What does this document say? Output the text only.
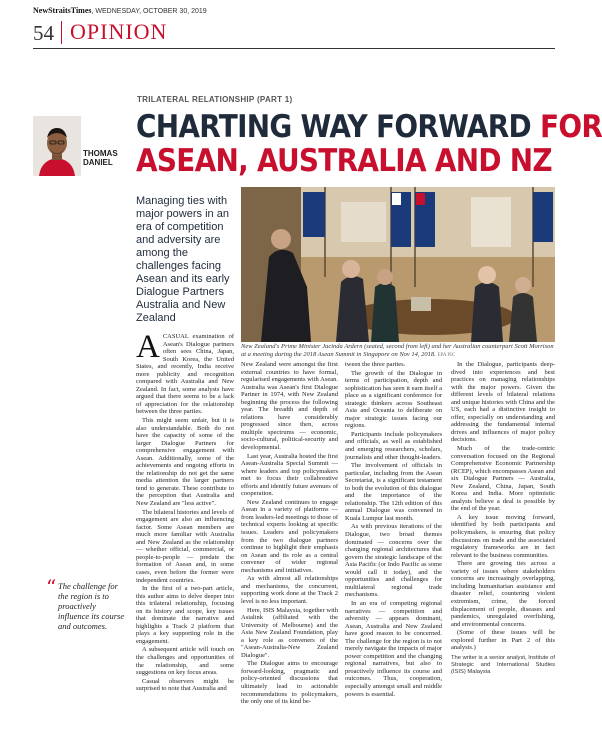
NewStraitsTimes, WEDNESDAY, OCTOBER 30, 2019
54 OPINION
THOMAS
DANIEL
TRILATERAL RELATIONSHIP (PART 1)
CHARTING WAY FORWARD FOR
ASEAN, AUSTRALIA AND NZ
Managing ties with major powers in an era of competition and adversity are among the challenges facing Asean and its early Dialogue Partners Australia and New Zealand
New Zealand's Prime Minister Jacinda Ardern (seated, second from left) and her Australian counterpart Scott Morrison at a meeting during the 2018 Asean Summit in Singapore on Nov 14, 2018. EPA PIC

ACASUAL examination of Asean's Dialogue partners often sees China, Japan, South Korea, the United States, and recently, India receive more publicity and recognition compared with Australia and New Zealand. In fact, some analysts have argued that there seems to be a lack of appreciation for the relationship between the three parties.

This might seem unfair, but it is also understandable. Both do not have the capacity of some of the larger Dialogue Partners for comprehensive engagement with Asean. Additionally, some of the achievements and ongoing efforts in the relationship do not get the same media attention the larger partners tend to generate. These contribute to the perception that Australia and New Zealand are "less active".

The bilateral histories and levels of engagement are also an influencing factor. Some Asean members are much more familiar with Australia and New Zealand as the relationship — whether official, commercial, or people-to-people — predate the formation of Asean and, in some cases, even before the former were independent countries.

In the first of a two-part article, this author aims to delve deeper into this trilateral relationship, focusing on its history and scope, key issues that dominate the narrative and highlights a Track 2 platform that plays a key supporting role in the engagement.

A subsequent article will touch on the challenges and opportunities of the relationship, and some suggestions on key focus areas.

Casual observers might be surprised to note that Australia and

New Zealand were amongst the first external countries to have formal, regularised engagements with Asean. Australia was Asean's first Dialogue Partner in 1974, with New Zealand beginning the process the following year. The breadth and depth of relations have considerably progressed since then, across multiple spectrums — economic, socio-cultural, political-security and developmental.

Last year, Australia hosted the first Asean-Australia Special Summit — where leaders and top policymakers met to focus their collaborative efforts and identify future avenues of cooperation.

New Zealand continues to engage Asean in a variety of platforms — from leaders-led meetings to those of technical experts looking at specific issues. Leaders and policymakers from the two dialogue partners continue to highlight their emphasis on Asean and its role as a central convener of wider regional mechanisms and initiatives.

As with almost all relationships and mechanisms, the concurrent, supporting work done at the Track 2 level is no less important.

Here, ISIS Malaysia, together with Asialink (affiliated with the University of Melbourne) and the Asia New Zealand Foundation, play a key role as conveners of the "Asean-Australia-New Zealand Dialogue".

The Dialogue aims to encourage forward-looking, pragmatic and policy-oriented discussions that ultimately lead to actionable recommendations to policymakers, the only one of its kind be-

tween the three parties.

The growth of the Dialogue in terms of participation, depth and sophistication has seen it earn itself a place as a significant conference for strategic thinkers across Southeast Asia and Oceania to deliberate on major strategic issues facing our regions.

Participants include policymakers and officials, as well as established and emerging researchers, scholars, journalists and other thought-leaders.

The involvement of officials in particular, including from the Asean Secretariat, is a significant testament to both the evolution of this dialogue and the importance of the relationship. The 12th edition of this annual Dialogue was convened in Kuala Lumpur last month.

As with previous iterations of the Dialogue, two broad themes dominated — concerns over the changing regional architectures that govern the strategic landscape of the Asia Pacific (or Indo Pacific as some would call it today), and the opportunities and challenges for multilateral regional trade mechanisms.

In an era of competing regional narratives — competition and adversity — appears dominant, Asean, Australia and New Zealand have good reason to be concerned. The challenge for the region is to not merely navigate the impacts of major power competition and the changing regional narratives, but also to proactively influence its course and outcomes. Thus, cooperation, especially amongst small and middle powers is essential.

In the Dialogue, participants deep-dived into experiences and best practices on managing relationships with the major powers. Given the different levels of bilateral relations and unique histories with China and the US, each had a distinctive insight to offer, especially on understanding and addressing the fundamental internal drives and influences of major policy decisions.

Much of the trade-centric conversation focused on the Regional Comprehensive Economic Partnership (RCEP), which encompasses Asean and six Dialogue Partners — Australia, New Zealand, China, Japan, South Korea and India. More optimistic analysts believe a deal is possible by the end of the year.

A key issue moving forward, identified by both participants and policymakers, is ensuring that policy discussions on trade and the associated regulatory frameworks are in fact relevant to the business communities.

There are growing ties across a variety of issues where stakeholders concerns are increasingly overlapping, including humanitarian assistance and disaster relief, countering violent extremism, crime, the forced displacement of people, diseases and pandemics, unregulated overfishing, and environmental concerns.

(Some of these issues will be explored further in Part 2 of this analysis.)

The writer is a senior analyst, Institute of Strategic and International Studies (ISIS) Malaysia

“ The challenge for the region is to proactively influence its course and outcomes.
